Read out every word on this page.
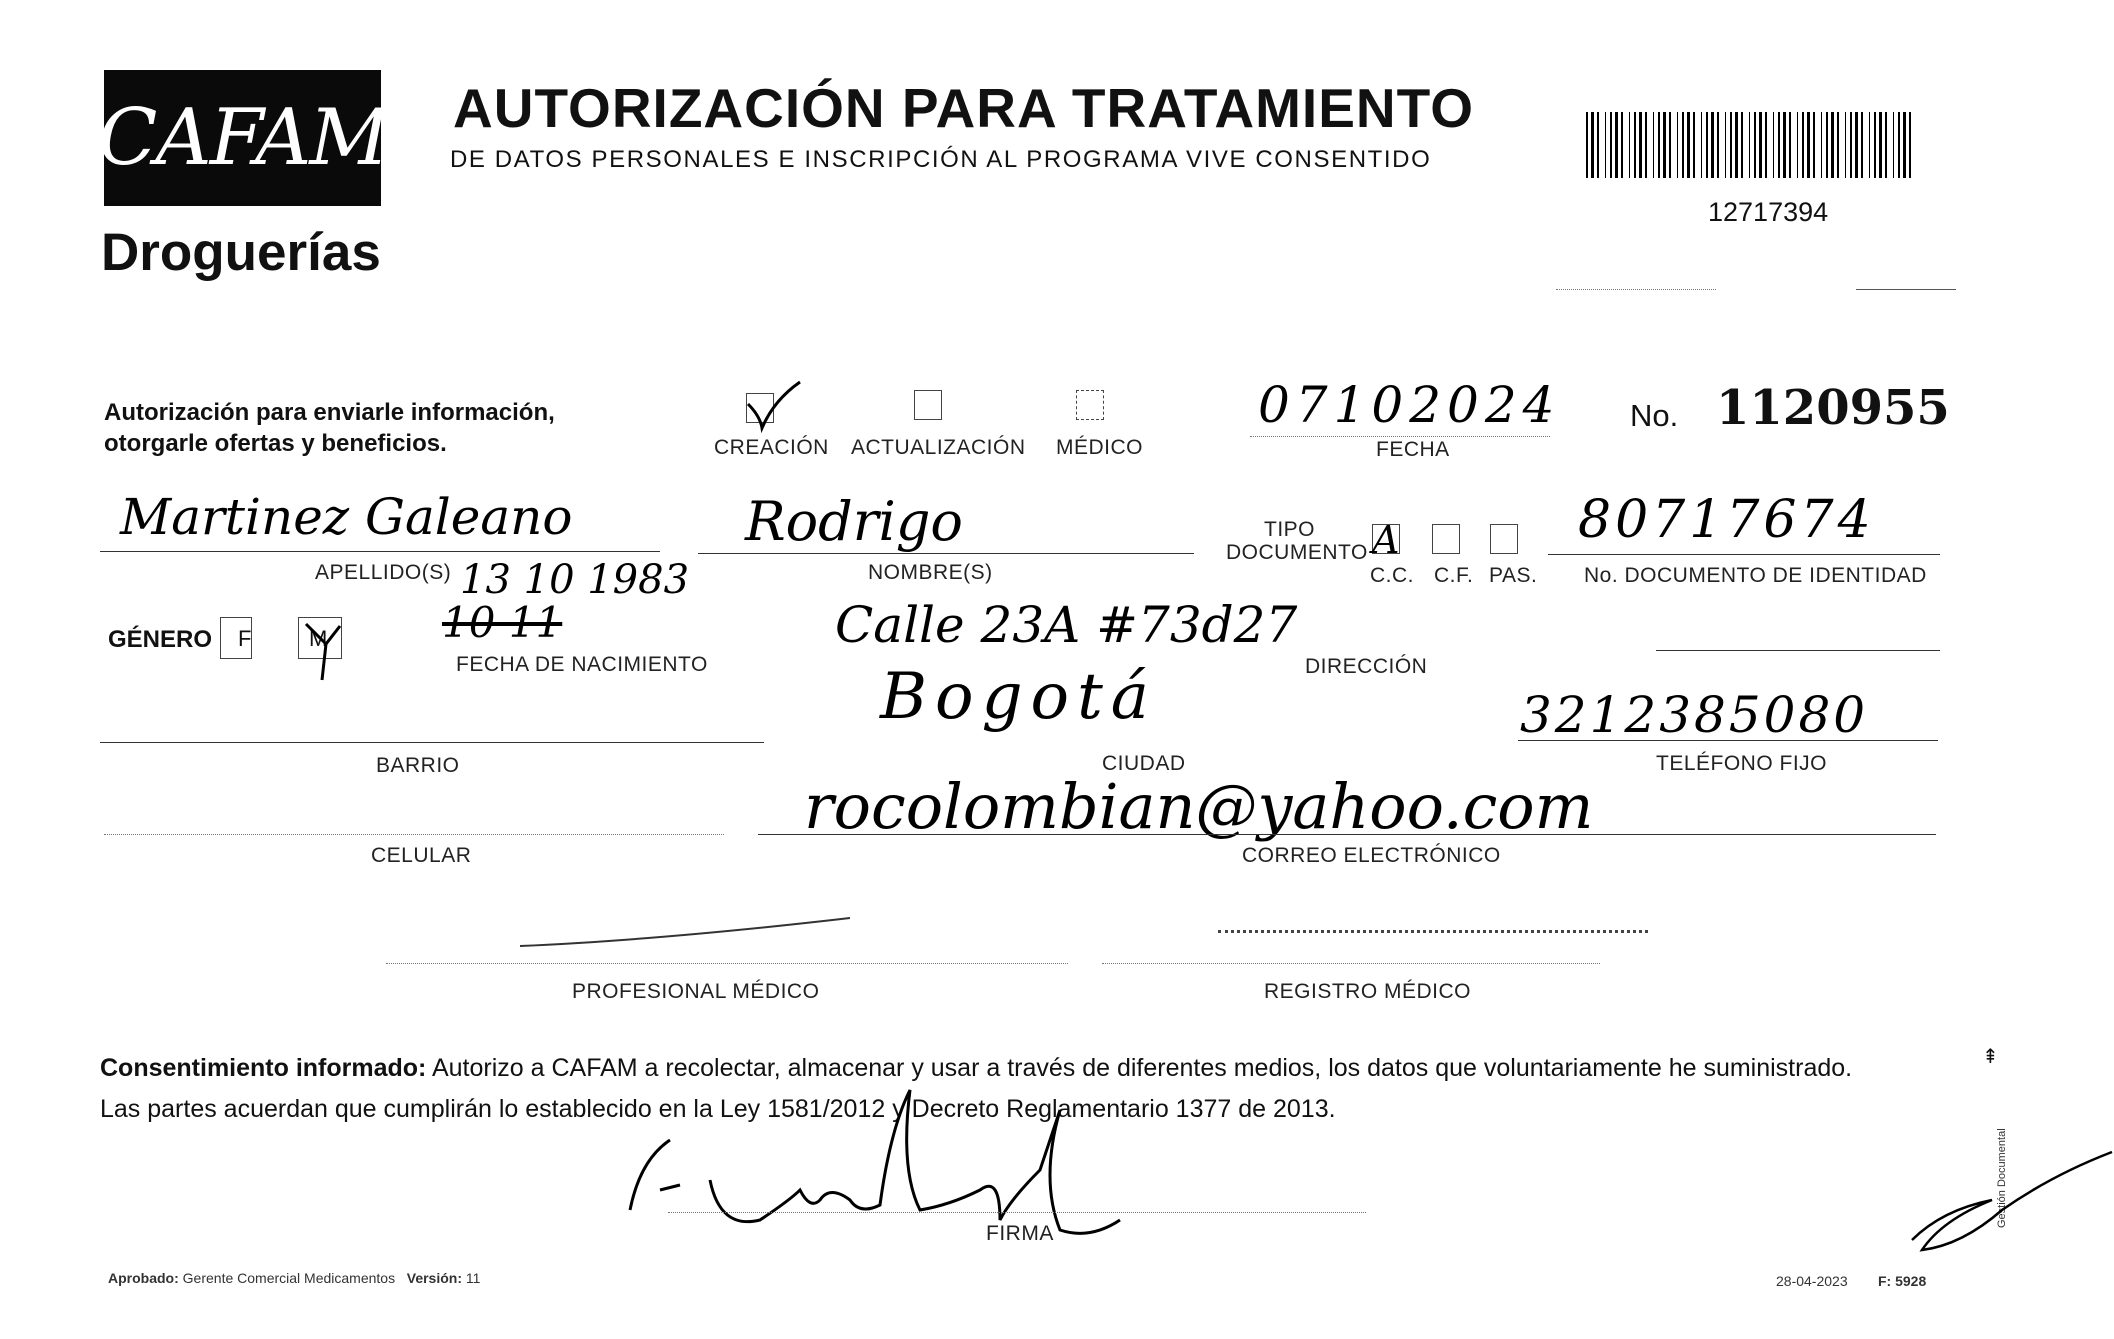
CAFAM
Droguerías
AUTORIZACIÓN PARA TRATAMIENTO
DE DATOS PERSONALES E INSCRIPCIÓN AL PROGRAMA VIVE CONSENTIDO
12717394
Autorización para enviarle información,
otorgarle ofertas y beneficios.	CREACIÓN ACTUALIZACIÓN MÉDICO
07102024
FECHA
No. 1120955
Martinez Galeano
APELLIDO(S)
Rodrigo
NOMBRE(S)
TIPO
DOCUMENTO A
C.C. C.F. PAS.
80717674
No. DOCUMENTO DE IDENTIDAD
GÉNERO F	M
13 10 1983
10 11
FECHA DE NACIMIENTO
Calle 23A #73d27
DIRECCIÓN
BARRIO
Bogotá
CIUDAD
3212385080
TELÉFONO FIJO
CELULAR
rocolombian@yahoo.com
CORREO ELECTRÓNICO
PROFESIONAL MÉDICO	REGISTRO MÉDICO
Consentimiento informado: Autorizo a CAFAM a recolectar, almacenar y usar a través de diferentes medios, los datos que voluntariamente he suministrado.
Las partes acuerdan que cumplirán lo establecido en la Ley 1581/2012 y Decreto Reglamentario 1377 de 2013.
FIRMA
⇞
Gestión Documental
Aprobado: Gerente Comercial Medicamentos Versión: 11	28-04-2023 F: 5928
